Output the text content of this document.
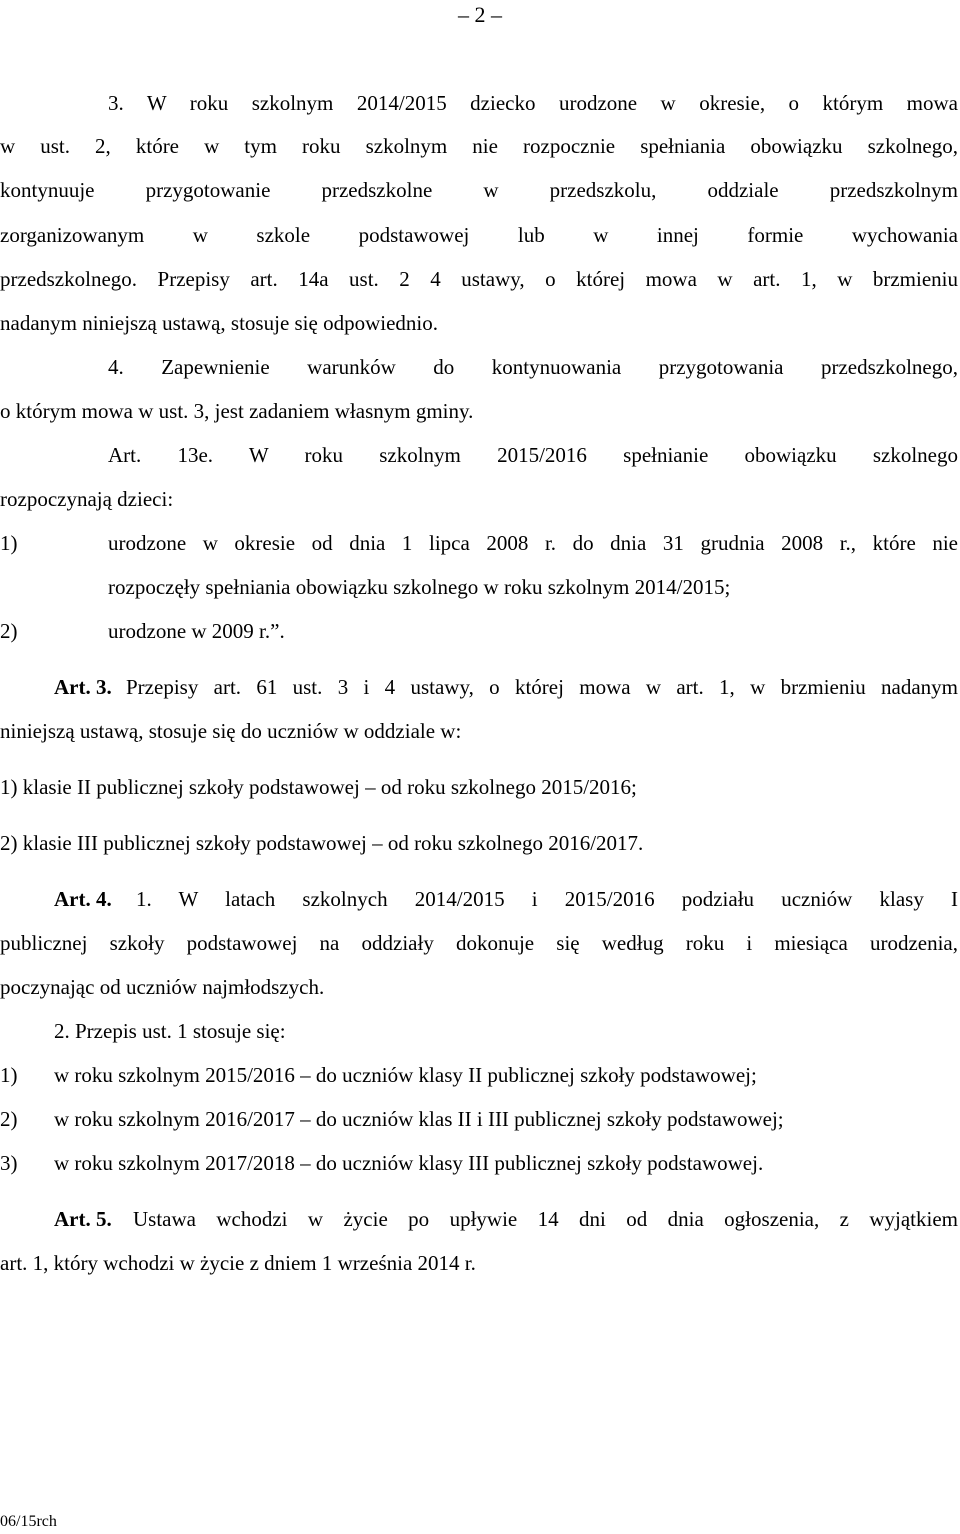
– 2 –
3. W roku szkolnym 2014/2015 dziecko urodzone w okresie, o którym mowa
w ust. 2, które w tym roku szkolnym nie rozpocznie spełniania obowiązku szkolnego,
kontynuuje przygotowanie przedszkolne w przedszkolu, oddziale przedszkolnym
zorganizowanym w szkole podstawowej lub w innej formie wychowania
przedszkolnego. Przepisy art. 14a ust. 2 4 ustawy, o której mowa w art. 1, w brzmieniu
nadanym niniejszą ustawą, stosuje się odpowiednio.
4. Zapewnienie warunków do kontynuowania przygotowania przedszkolnego,
o którym mowa w ust. 3, jest zadaniem własnym gminy.
Art. 13e. W roku szkolnym 2015/2016 spełnianie obowiązku szkolnego
rozpoczynają dzieci:
1)	urodzone w okresie od dnia 1 lipca 2008 r. do dnia 31 grudnia 2008 r., które nie
rozpoczęły spełniania obowiązku szkolnego w roku szkolnym 2014/2015;
2)	urodzone w 2009 r.”.
Art. 3. Przepisy art. 61 ust. 3 i 4 ustawy, o której mowa w art. 1, w brzmieniu nadanym
niniejszą ustawą, stosuje się do uczniów w oddziale w:
1) klasie II publicznej szkoły podstawowej – od roku szkolnego 2015/2016;
2) klasie III publicznej szkoły podstawowej – od roku szkolnego 2016/2017.
Art. 4. 1. W latach szkolnych 2014/2015 i 2015/2016 podziału uczniów klasy I
publicznej szkoły podstawowej na oddziały dokonuje się według roku i miesiąca urodzenia,
poczynając od uczniów najmłodszych.
2. Przepis ust. 1 stosuje się:
1) w roku szkolnym 2015/2016 – do uczniów klasy II publicznej szkoły podstawowej;
2) w roku szkolnym 2016/2017 – do uczniów klas II i III publicznej szkoły podstawowej;
3) w roku szkolnym 2017/2018 – do uczniów klasy III publicznej szkoły podstawowej.
Art. 5. Ustawa wchodzi w życie po upływie 14 dni od dnia ogłoszenia, z wyjątkiem
art. 1, który wchodzi w życie z dniem 1 września 2014 r.
06/15rch
